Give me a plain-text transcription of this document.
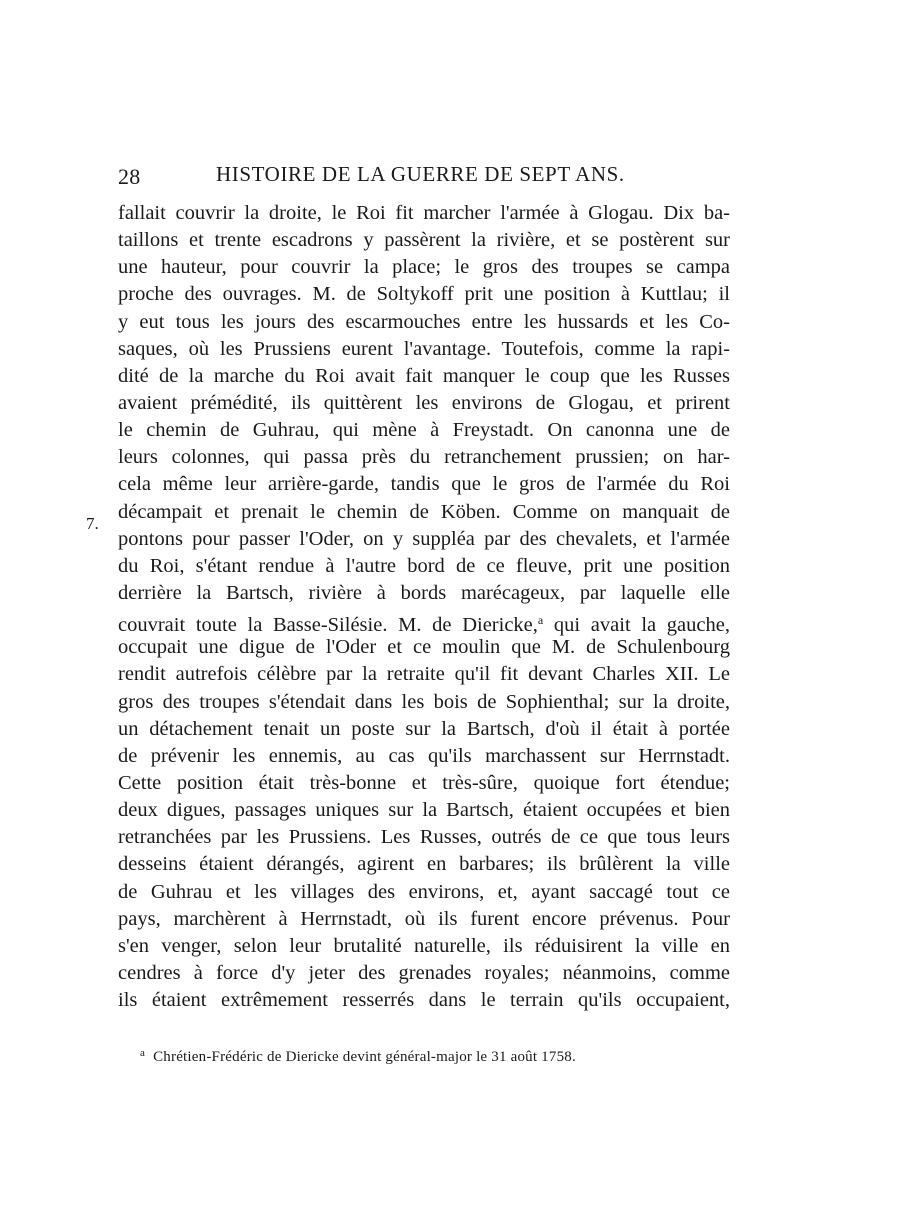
28	HISTOIRE DE LA GUERRE DE SEPT ANS.
7.
fallait couvrir la droite, le Roi fit marcher l'armée à Glogau. Dix ba-
taillons et trente escadrons y passèrent la rivière, et se postèrent sur
une hauteur, pour couvrir la place; le gros des troupes se campa
proche des ouvrages. M. de Soltykoff prit une position à Kuttlau; il
y eut tous les jours des escarmouches entre les hussards et les Co-
saques, où les Prussiens eurent l'avantage. Toutefois, comme la rapi-
dité de la marche du Roi avait fait manquer le coup que les Russes
avaient prémédité, ils quittèrent les environs de Glogau, et prirent
le chemin de Guhrau, qui mène à Freystadt. On canonna une de
leurs colonnes, qui passa près du retranchement prussien; on har-
cela même leur arrière-garde, tandis que le gros de l'armée du Roi
décampait et prenait le chemin de Köben. Comme on manquait de
pontons pour passer l'Oder, on y suppléa par des chevalets, et l'armée
du Roi, s'étant rendue à l'autre bord de ce fleuve, prit une position
derrière la Bartsch, rivière à bords marécageux, par laquelle elle
couvrait toute la Basse-Silésie. M. de Diericke,$^a$ qui avait la gauche,
occupait une digue de l'Oder et ce moulin que M. de Schulenbourg
rendit autrefois célèbre par la retraite qu'il fit devant Charles XII. Le
gros des troupes s'étendait dans les bois de Sophienthal; sur la droite,
un détachement tenait un poste sur la Bartsch, d'où il était à portée
de prévenir les ennemis, au cas qu'ils marchassent sur Herrnstadt.
Cette position était très-bonne et très-sûre, quoique fort étendue;
deux digues, passages uniques sur la Bartsch, étaient occupées et bien
retranchées par les Prussiens. Les Russes, outrés de ce que tous leurs
desseins étaient dérangés, agirent en barbares; ils brûlèrent la ville
de Guhrau et les villages des environs, et, ayant saccagé tout ce
pays, marchèrent à Herrnstadt, où ils furent encore prévenus. Pour
s'en venger, selon leur brutalité naturelle, ils réduisirent la ville en
cendres à force d'y jeter des grenades royales; néanmoins, comme
ils étaient extrêmement resserrés dans le terrain qu'ils occupaient,
$^a$ Chrétien-Frédéric de Diericke devint général-major le 31 août 1758.
